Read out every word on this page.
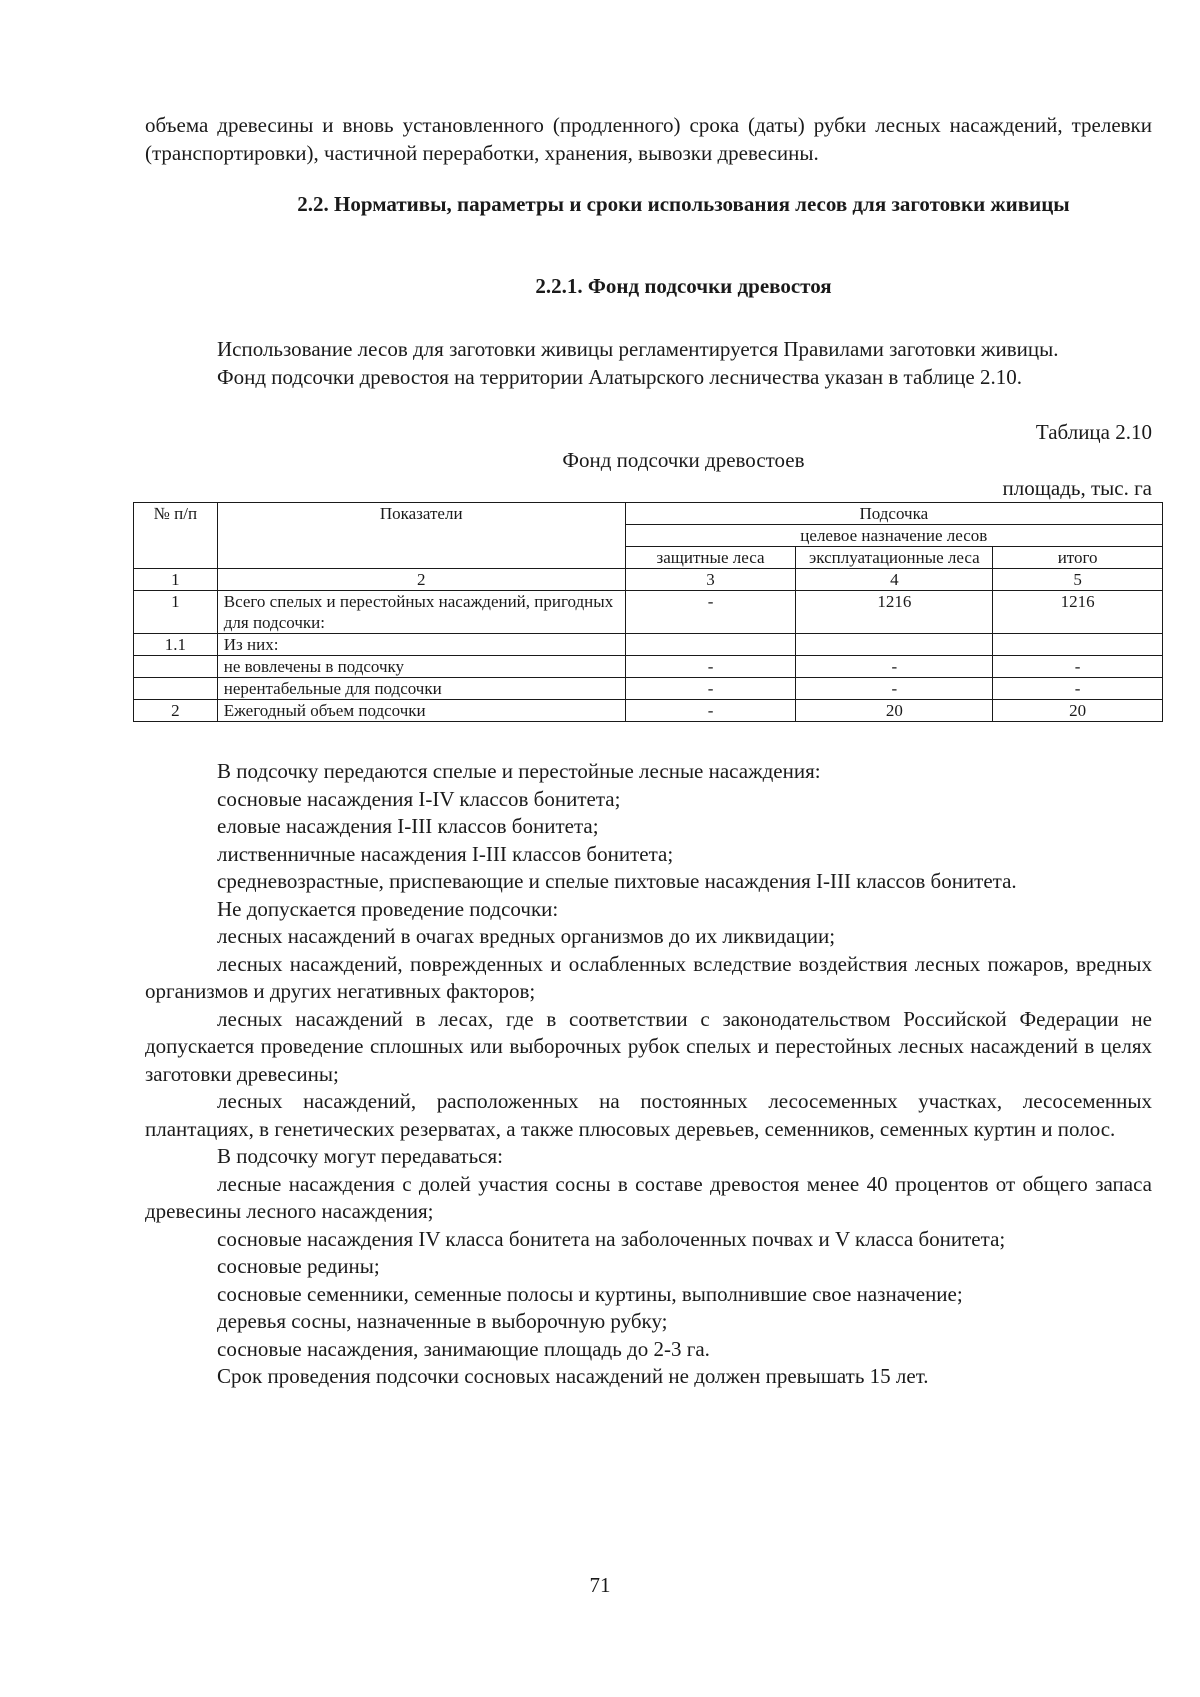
объема древесины и вновь установленного (продленного) срока (даты) рубки лесных насаждений, трелевки (транспортировки), частичной переработки, хранения, вывозки древесины.

2.2. Нормативы, параметры и сроки использования лесов для заготовки живицы

2.2.1. Фонд подсочки древостоя

Использование лесов для заготовки живицы регламентируется Правилами заготовки живицы.

Фонд подсочки древостоя на территории Алатырского лесничества указан в таблице 2.10.

Таблица 2.10

Фонд подсочки древостоев

площадь, тыс. га

№ п/п	Показатели	Подсочка		
		целевое назначение лесов		
		защитные леса	эксплуатационные леса	итого
1	2	3	4	5
1	Всего спелых и перестойных насаждений, пригодных для подсочки:	-	1216	1216
1.1	Из них:			
	не вовлечены в подсочку	-	-	-
	нерентабельные для подсочки	-	-	-
2	Ежегодный объем подсочки	-	20	20

В подсочку передаются спелые и перестойные лесные насаждения:

сосновые насаждения I-IV классов бонитета;

еловые насаждения I-III классов бонитета;

лиственничные насаждения I-III классов бонитета;

средневозрастные, приспевающие и спелые пихтовые насаждения I-III классов бонитета.

Не допускается проведение подсочки:

лесных насаждений в очагах вредных организмов до их ликвидации;

лесных насаждений, поврежденных и ослабленных вследствие воздействия лесных пожаров, вредных организмов и других негативных факторов;

лесных насаждений в лесах, где в соответствии с законодательством Российской Федерации не допускается проведение сплошных или выборочных рубок спелых и перестойных лесных насаждений в целях заготовки древесины;

лесных насаждений, расположенных на постоянных лесосеменных участках, лесосеменных плантациях, в генетических резерватах, а также плюсовых деревьев, семенников, семенных куртин и полос.

В подсочку могут передаваться:

лесные насаждения с долей участия сосны в составе древостоя менее 40 процентов от общего запаса древесины лесного насаждения;

сосновые насаждения IV класса бонитета на заболоченных почвах и V класса бонитета;

сосновые редины;

сосновые семенники, семенные полосы и куртины, выполнившие свое назначение;

деревья сосны, назначенные в выборочную рубку;

сосновые насаждения, занимающие площадь до 2-3 га.

Срок проведения подсочки сосновых насаждений не должен превышать 15 лет.

71
